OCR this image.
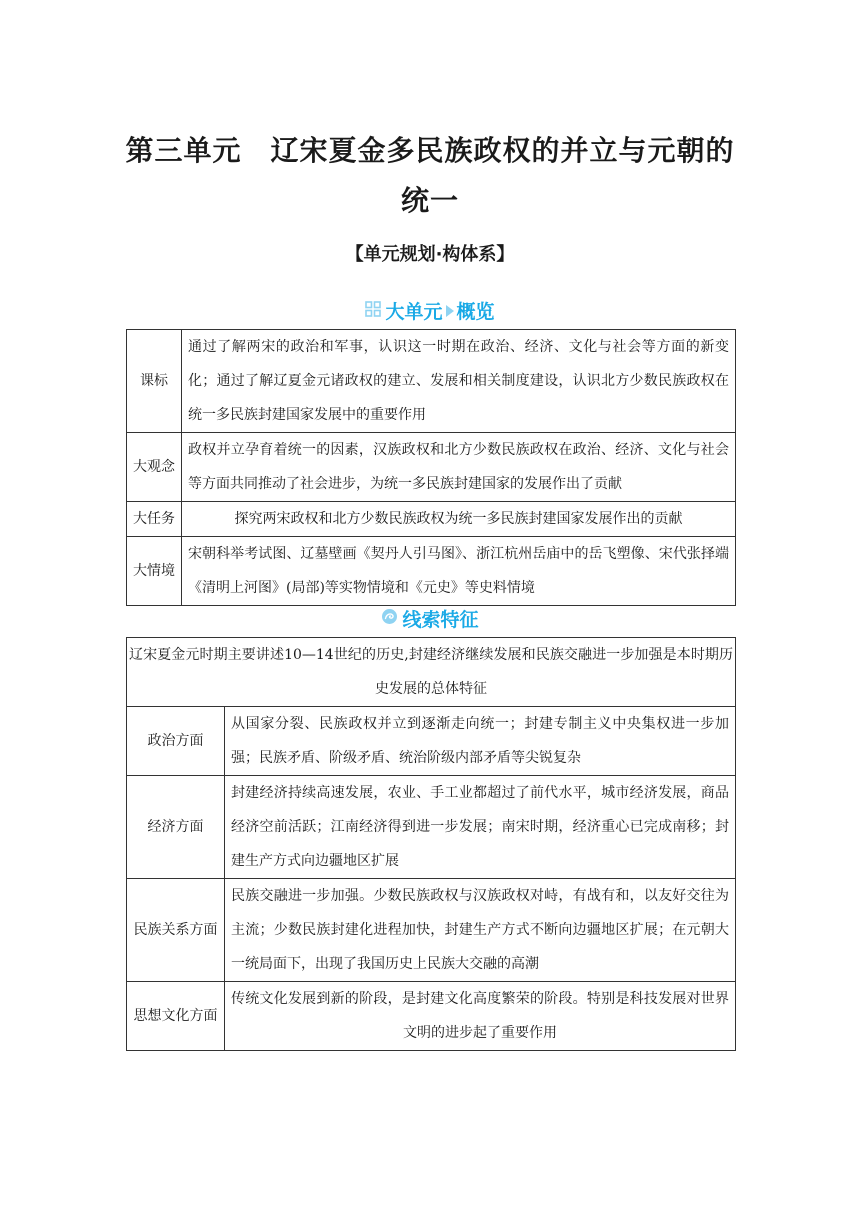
第三单元　辽宋夏金多民族政权的并立与元朝的统一
【单元规划·构体系】
大单元 概览
课标	通过了解两宋的政治和军事，认识这一时期在政治、经济、文化与社会等方面的新变化；通过了解辽夏金元诸政权的建立、发展和相关制度建设，认识北方少数民族政权在统一多民族封建国家发展中的重要作用
大观念	政权并立孕育着统一的因素，汉族政权和北方少数民族政权在政治、经济、文化与社会等方面共同推动了社会进步，为统一多民族封建国家的发展作出了贡献
大任务	探究两宋政权和北方少数民族政权为统一多民族封建国家发展作出的贡献
大情境	宋朝科举考试图、辽墓壁画《契丹人引马图》、浙江杭州岳庙中的岳飞塑像、宋代张择端《清明上河图》(局部)等实物情境和《元史》等史料情境
线索特征
辽宋夏金元时期主要讲述10—14世纪的历史,封建经济继续发展和民族交融进一步加强是本时期历史发展的总体特征	
政治方面	从国家分裂、民族政权并立到逐渐走向统一；封建专制主义中央集权进一步加强；民族矛盾、阶级矛盾、统治阶级内部矛盾等尖锐复杂
经济方面	封建经济持续高速发展，农业、手工业都超过了前代水平，城市经济发展，商品经济空前活跃；江南经济得到进一步发展；南宋时期，经济重心已完成南移；封建生产方式向边疆地区扩展
民族关系方面	民族交融进一步加强。少数民族政权与汉族政权对峙，有战有和，以友好交往为主流；少数民族封建化进程加快，封建生产方式不断向边疆地区扩展；在元朝大一统局面下，出现了我国历史上民族大交融的高潮
思想文化方面	传统文化发展到新的阶段，是封建文化高度繁荣的阶段。特别是科技发展对世界文明的进步起了重要作用
